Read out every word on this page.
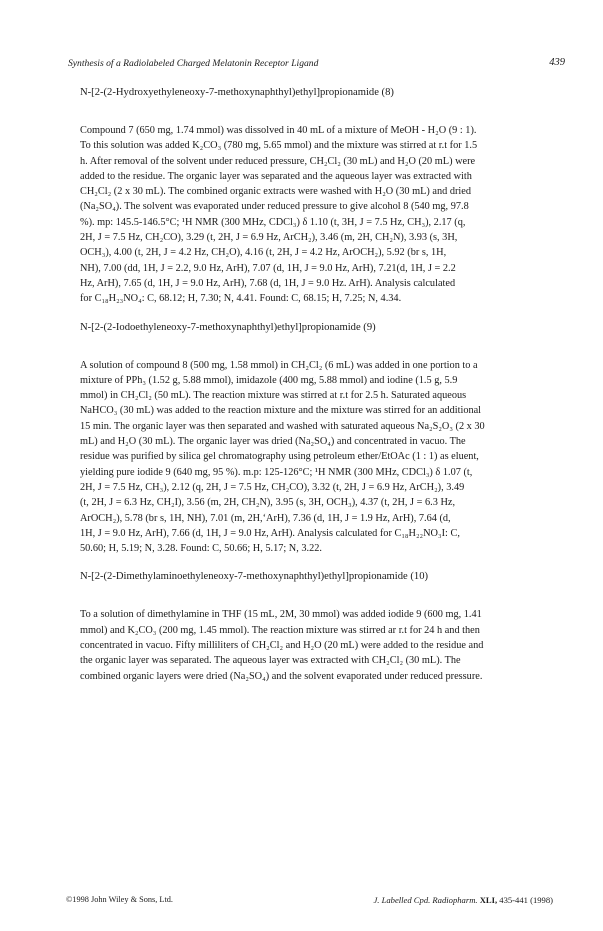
Synthesis of a Radiolabeled Charged Melatonin Receptor Ligand	439
N-[2-(2-Hydroxyethyleneoxy-7-methoxynaphthyl)ethyl]propionamide (8)
Compound 7 (650 mg, 1.74 mmol) was dissolved in 40 mL of a mixture of MeOH - H₂O (9 : 1).
To this solution was added K₂CO₃ (780 mg, 5.65 mmol) and the mixture was stirred at r.t for 1.5
h. After removal of the solvent under reduced pressure, CH₂Cl₂ (30 mL) and H₂O (20 mL) were
added to the residue. The organic layer was separated and the aqueous layer was extracted with
CH₂Cl₂ (2 x 30 mL). The combined organic extracts were washed with H₂O (30 mL) and dried
(Na₂SO₄). The solvent was evaporated under reduced pressure to give alcohol 8 (540 mg, 97.8
%). mp: 145.5-146.5°C; ¹H NMR (300 MHz, CDCl₃) δ 1.10 (t, 3H, J = 7.5 Hz, CH₃), 2.17 (q,
2H, J = 7.5 Hz, CH₂CO), 3.29 (t, 2H, J = 6.9 Hz, ArCH₂), 3.46 (m, 2H, CH₂N), 3.93 (s, 3H,
OCH₃), 4.00 (t, 2H, J = 4.2 Hz, CH₂O), 4.16 (t, 2H, J = 4.2 Hz, ArOCH₂), 5.92 (br s, 1H,
NH), 7.00 (dd, 1H, J = 2.2, 9.0 Hz, ArH), 7.07 (d, 1H, J = 9.0 Hz, ArH), 7.21(d, 1H, J = 2.2
Hz, ArH), 7.65 (d, 1H, J = 9.0 Hz, ArH), 7.68 (d, 1H, J = 9.0 Hz. ArH). Analysis calculated
for C₁₈H₂₃NO₄: C, 68.12; H, 7.30; N, 4.41. Found: C, 68.15; H, 7.25; N, 4.34.
N-[2-(2-Iodoethyleneoxy-7-methoxynaphthyl)ethyl]propionamide (9)
A solution of compound 8 (500 mg, 1.58 mmol) in CH₂Cl₂ (6 mL) was added in one portion to a
mixture of PPh₃ (1.52 g, 5.88 mmol), imidazole (400 mg, 5.88 mmol) and iodine (1.5 g, 5.9
mmol) in CH₂Cl₂ (50 mL). The reaction mixture was stirred at r.t for 2.5 h. Saturated aqueous
NaHCO₃ (30 mL) was added to the reaction mixture and the mixture was stirred for an additional
15 min. The organic layer was then separated and washed with saturated aqueous Na₂S₂O₃ (2 x 30
mL) and H₂O (30 mL). The organic layer was dried (Na₂SO₄) and concentrated in vacuo. The
residue was purified by silica gel chromatography using petroleum ether/EtOAc (1 : 1) as eluent,
yielding pure iodide 9 (640 mg, 95 %). m.p: 125-126°C; ¹H NMR (300 MHz, CDCl₃) δ 1.07 (t,
2H, J = 7.5 Hz, CH₃), 2.12 (q, 2H, J = 7.5 Hz, CH₂CO), 3.32 (t, 2H, J = 6.9 Hz, ArCH₂), 3.49
(t, 2H, J = 6.3 Hz, CH₂I), 3.56 (m, 2H, CH₂N), 3.95 (s, 3H, OCH₃), 4.37 (t, 2H, J = 6.3 Hz,
ArOCH₂), 5.78 (br s, 1H, NH), 7.01 (m, 2H,‘ArH), 7.36 (d, 1H, J = 1.9 Hz, ArH), 7.64 (d,
1H, J = 9.0 Hz, ArH), 7.66 (d, 1H, J = 9.0 Hz, ArH). Analysis calculated for C₁₈H₂₂NO₃I: C,
50.60; H, 5.19; N, 3.28. Found: C, 50.66; H, 5.17; N, 3.22.
N-[2-(2-Dimethylaminoethyleneoxy-7-methoxynaphthyl)ethyl]propionamide (10)
To a solution of dimethylamine in THF (15 mL, 2M, 30 mmol) was added iodide 9 (600 mg, 1.41
mmol) and K₂CO₃ (200 mg, 1.45 mmol). The reaction mixture was stirred ar r.t for 24 h and then
concentrated in vacuo. Fifty milliliters of CH₂Cl₂ and H₂O (20 mL) were added to the residue and
the organic layer was separated. The aqueous layer was extracted with CH₂Cl₂ (30 mL). The
combined organic layers were dried (Na₂SO₄) and the solvent evaporated under reduced pressure.
©1998 John Wiley & Sons, Ltd.	J. Labelled Cpd. Radiopharm. XLI, 435-441 (1998)
